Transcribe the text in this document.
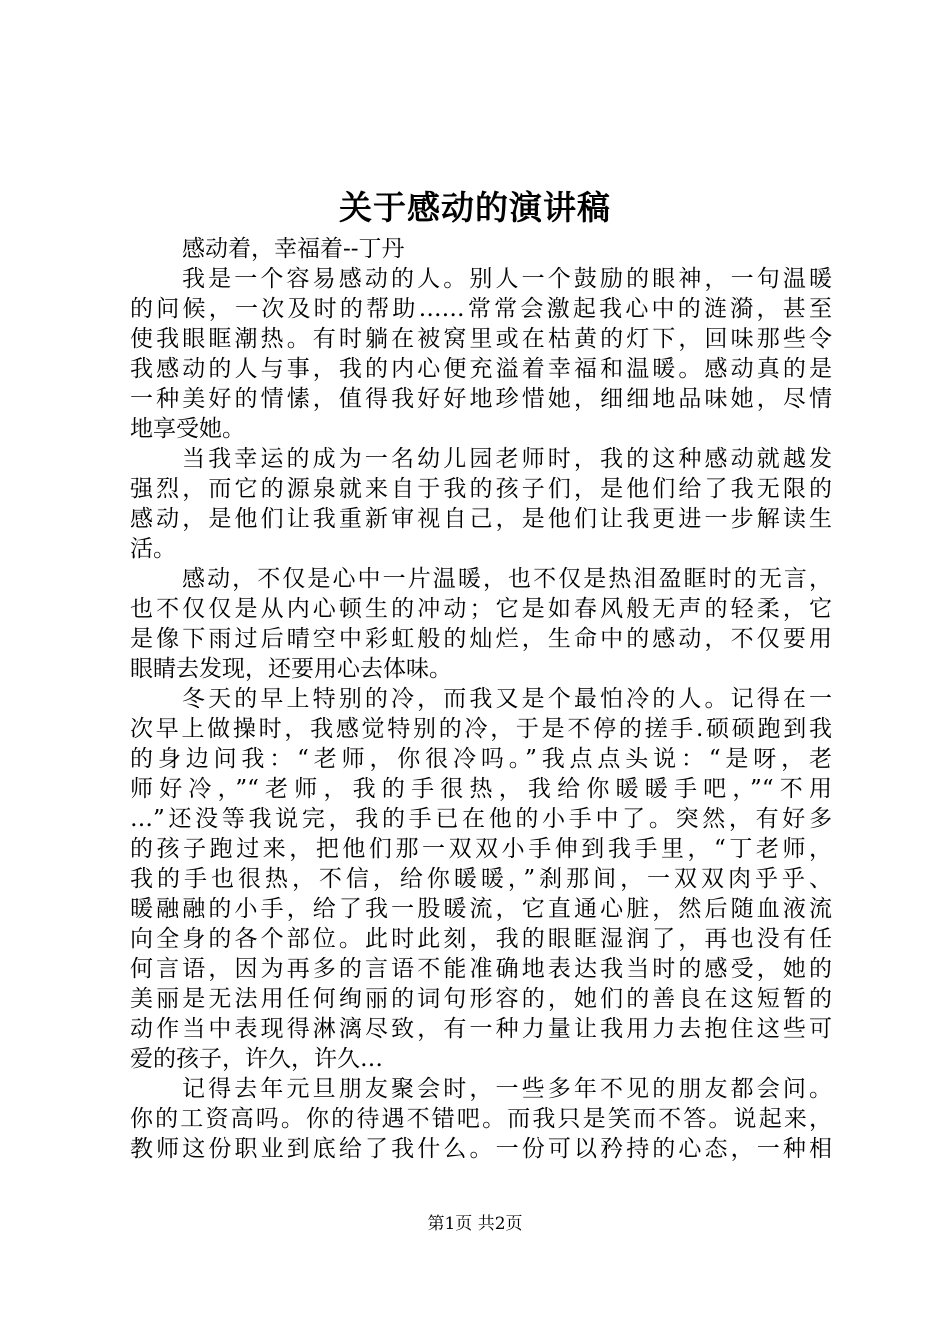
关于感动的演讲稿
感动着，幸福着--丁丹
我是一个容易感动的人。别人一个鼓励的眼神，一句温暖
的问候，一次及时的帮助……常常会激起我心中的涟漪，甚至
使我眼眶潮热。有时躺在被窝里或在枯黄的灯下，回味那些令
我感动的人与事，我的内心便充溢着幸福和温暖。感动真的是
一种美好的情愫，值得我好好地珍惜她，细细地品味她，尽情
地享受她。
当我幸运的成为一名幼儿园老师时，我的这种感动就越发
强烈，而它的源泉就来自于我的孩子们，是他们给了我无限的
感动，是他们让我重新审视自己，是他们让我更进一步解读生
活。
感动，不仅是心中一片温暖，也不仅是热泪盈眶时的无言，
也不仅仅是从内心顿生的冲动；它是如春风般无声的轻柔，它
是像下雨过后晴空中彩虹般的灿烂，生命中的感动，不仅要用
眼睛去发现，还要用心去体味。
冬天的早上特别的冷，而我又是个最怕冷的人。记得在一
次早上做操时，我感觉特别的冷，于是不停的搓手.硕硕跑到我
的身边问我：“老师，你很冷吗。”我点点头说：“是呀，老
师好冷，”“老师，我的手很热，我给你暖暖手吧，”“不用
…”还没等我说完，我的手已在他的小手中了。突然，有好多
的孩子跑过来，把他们那一双双小手伸到我手里，“丁老师，
我的手也很热，不信，给你暖暖，”刹那间，一双双肉乎乎、
暖融融的小手，给了我一股暖流，它直通心脏，然后随血液流
向全身的各个部位。此时此刻，我的眼眶湿润了，再也没有任
何言语，因为再多的言语不能准确地表达我当时的感受，她的
美丽是无法用任何绚丽的词句形容的，她们的善良在这短暂的
动作当中表现得淋漓尽致，有一种力量让我用力去抱住这些可
爱的孩子，许久，许久…
记得去年元旦朋友聚会时，一些多年不见的朋友都会问。
你的工资高吗。你的待遇不错吧。而我只是笑而不答。说起来，
教师这份职业到底给了我什么。一份可以矜持的心态，一种相
第1页 共2页
